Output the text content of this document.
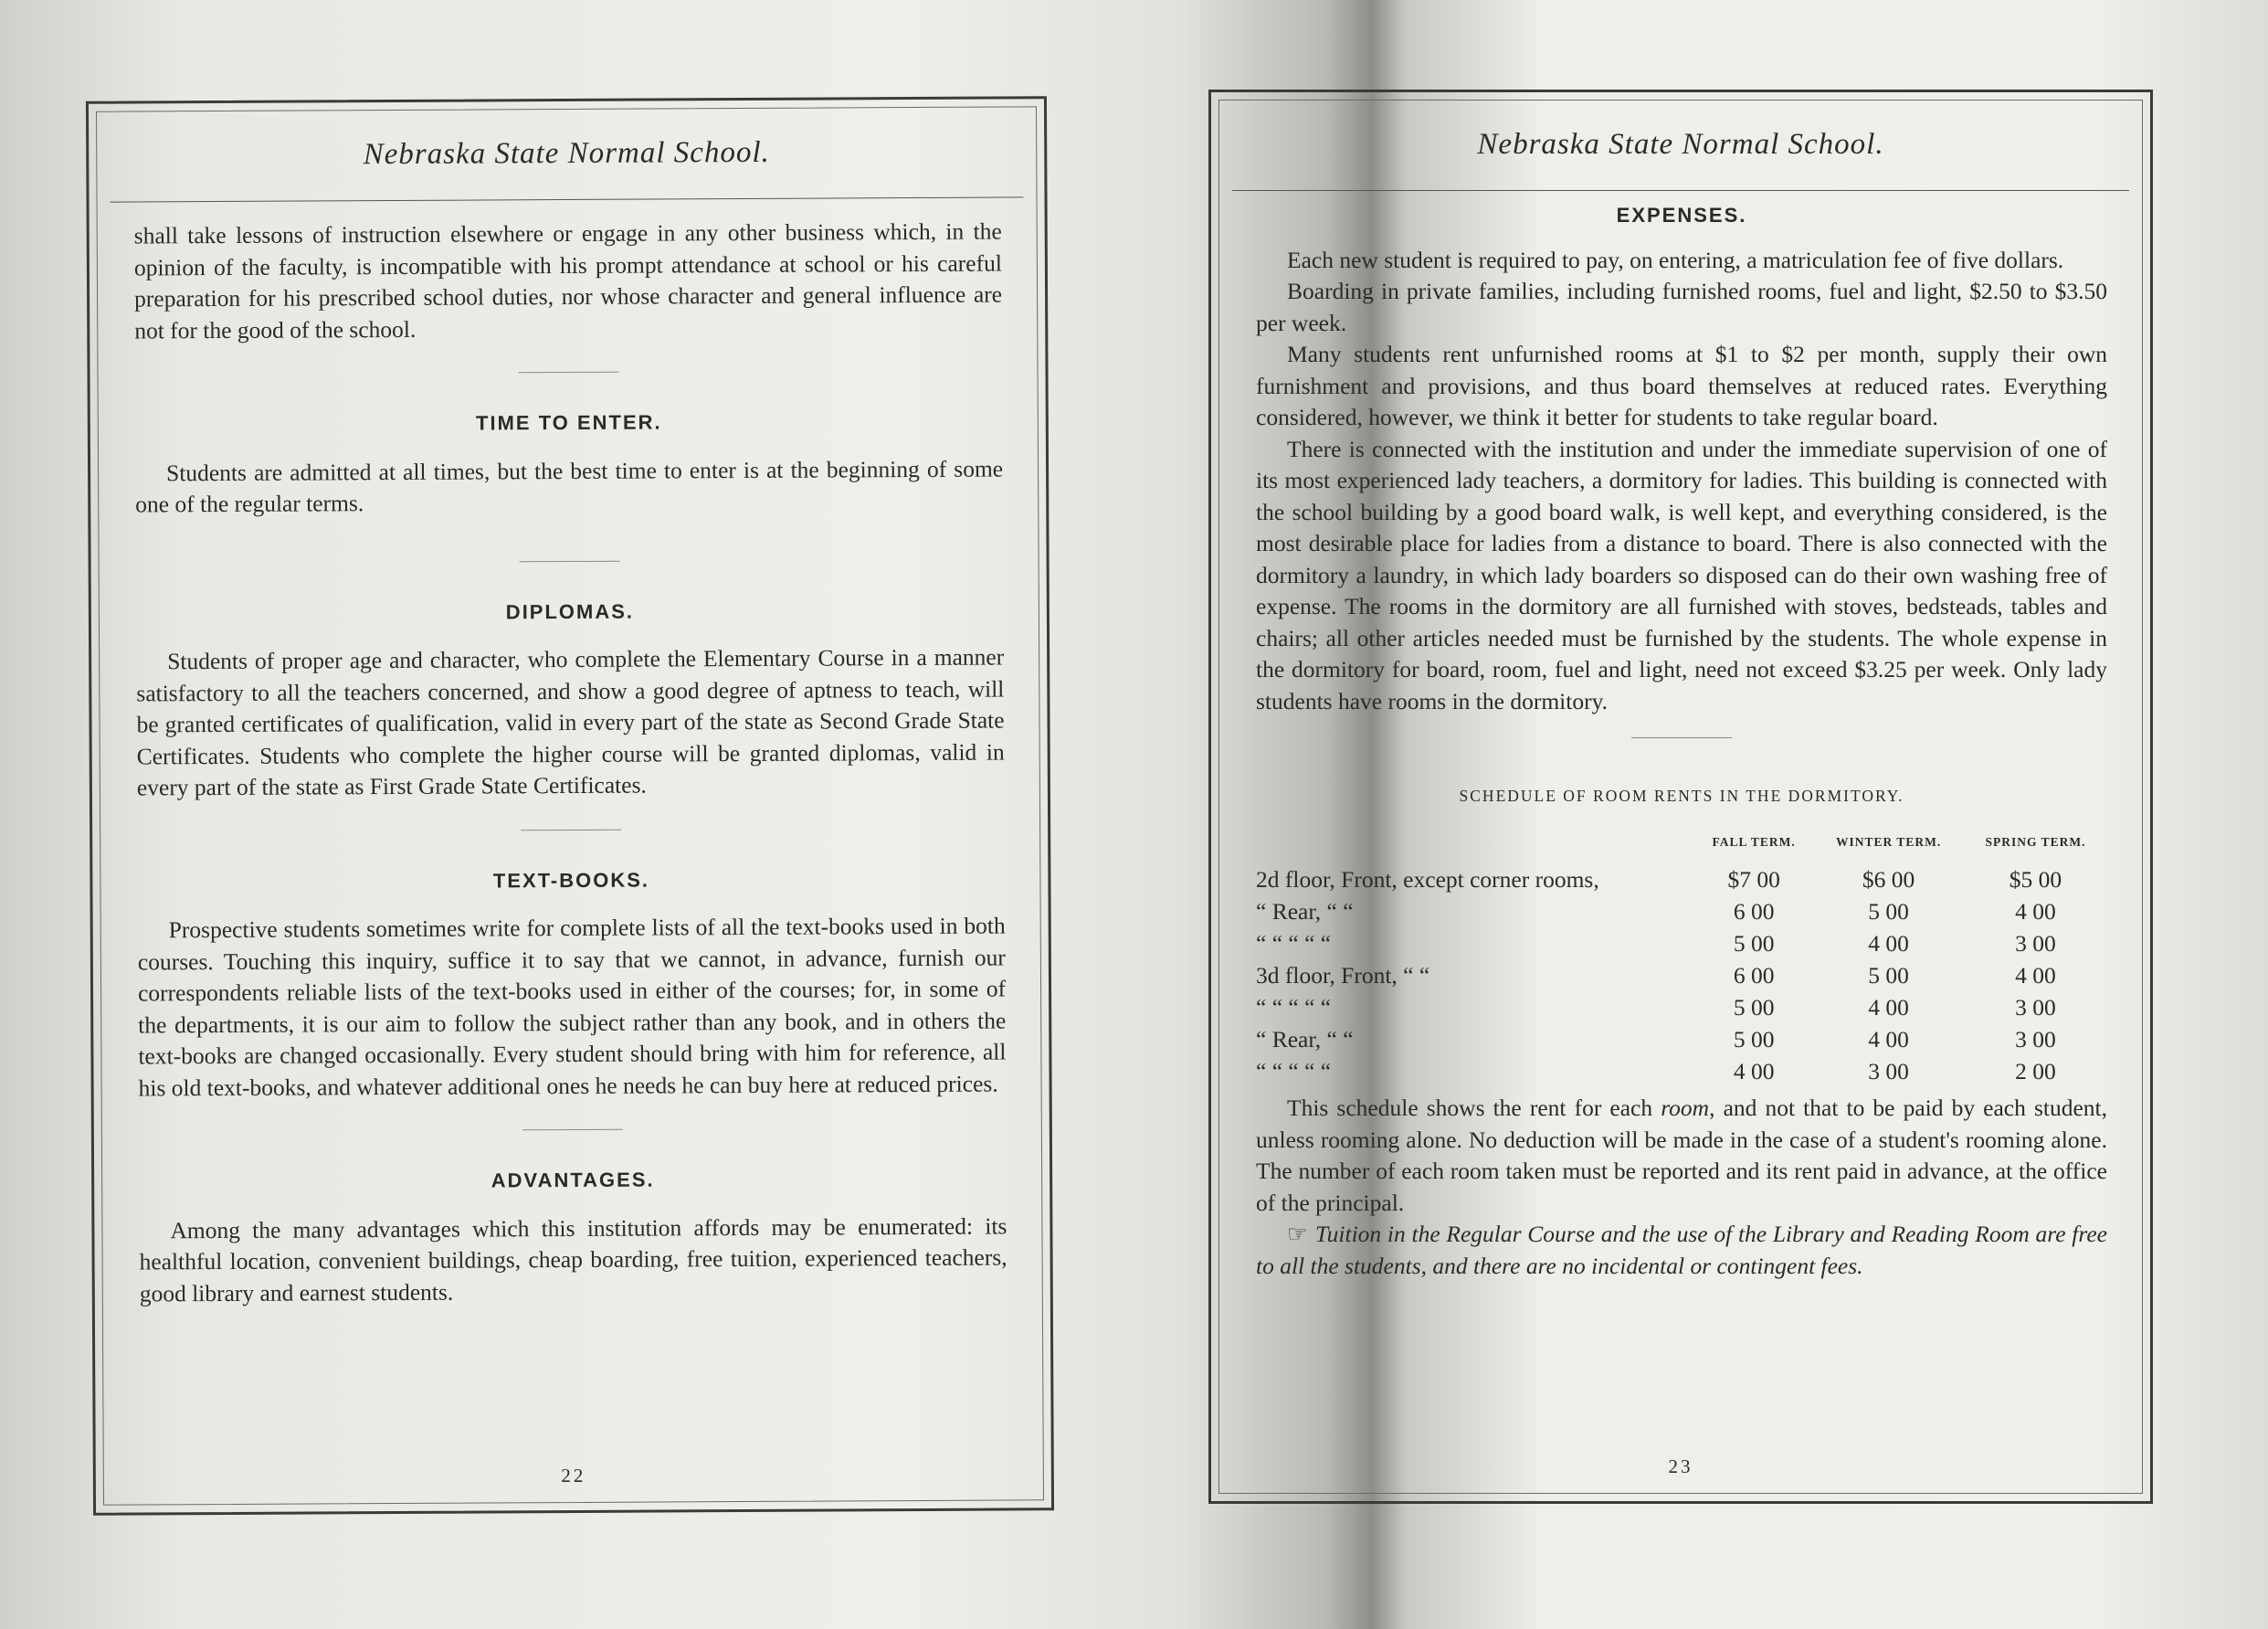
Nebraska State Normal School.

shall take lessons of instruction elsewhere or engage in any other business which, in the opinion of the faculty, is incompatible with his prompt attendance at school or his careful preparation for his prescribed school duties, nor whose character and general influence are not for the good of the school.

TIME TO ENTER.

Students are admitted at all times, but the best time to enter is at the beginning of some one of the regular terms.

DIPLOMAS.

Students of proper age and character, who complete the Elementary Course in a manner satisfactory to all the teachers concerned, and show a good degree of aptness to teach, will be granted certificates of qualification, valid in every part of the state as Second Grade State Certificates. Students who complete the higher course will be granted diplomas, valid in every part of the state as First Grade State Certificates.

TEXT-BOOKS.

Prospective students sometimes write for complete lists of all the text-books used in both courses. Touching this inquiry, suffice it to say that we cannot, in advance, furnish our correspondents reliable lists of the text-books used in either of the courses; for, in some of the departments, it is our aim to follow the subject rather than any book, and in others the text-books are changed occasionally. Every student should bring with him for reference, all his old text-books, and whatever additional ones he needs he can buy here at reduced prices.

ADVANTAGES.

Among the many advantages which this institution affords may be enumerated: its healthful location, convenient buildings, cheap boarding, free tuition, experienced teachers, good library and earnest students.

22
Nebraska State Normal School.
EXPENSES.

Each new student is required to pay, on entering, a matriculation fee of five dollars.

Boarding in private families, including furnished rooms, fuel and light, $2.50 to $3.50 per week.

Many students rent unfurnished rooms at $1 to $2 per month, supply their own furnishment and provisions, and thus board themselves at reduced rates. Everything considered, however, we think it better for students to take regular board.

There is connected with the institution and under the immediate supervision of one of its most experienced lady teachers, a dormitory for ladies. This building is connected with the school building by a good board walk, is well kept, and everything considered, is the most desirable place for ladies from a distance to board. There is also connected with the dormitory a laundry, in which lady boarders so disposed can do their own washing free of expense. The rooms in the dormitory are all furnished with stoves, bedsteads, tables and chairs; all other articles needed must be furnished by the students. The whole expense in the dormitory for board, room, fuel and light, need not exceed $3.25 per week. Only lady students have rooms in the dormitory.

SCHEDULE OF ROOM RENTS IN THE DORMITORY.
	FALL TERM.	WINTER TERM.	SPRING TERM.
2d floor, Front, except corner rooms,	$7 00	$6 00	$5 00
“ Rear, “ “	6 00	5 00	4 00
“ “ “ “ “	5 00	4 00	3 00
3d floor, Front, “ “	6 00	5 00	4 00
“ “ “ “ “	5 00	4 00	3 00
“ Rear, “ “	5 00	4 00	3 00
“ “ “ “ “	4 00	3 00	2 00

This schedule shows the rent for each room, and not that to be paid by each student, unless rooming alone. No deduction will be made in the case of a student's rooming alone. The number of each room taken must be reported and its rent paid in advance, at the office of the principal.

☞ Tuition in the Regular Course and the use of the Library and Reading Room are free to all the students, and there are no incidental or contingent fees.

23
